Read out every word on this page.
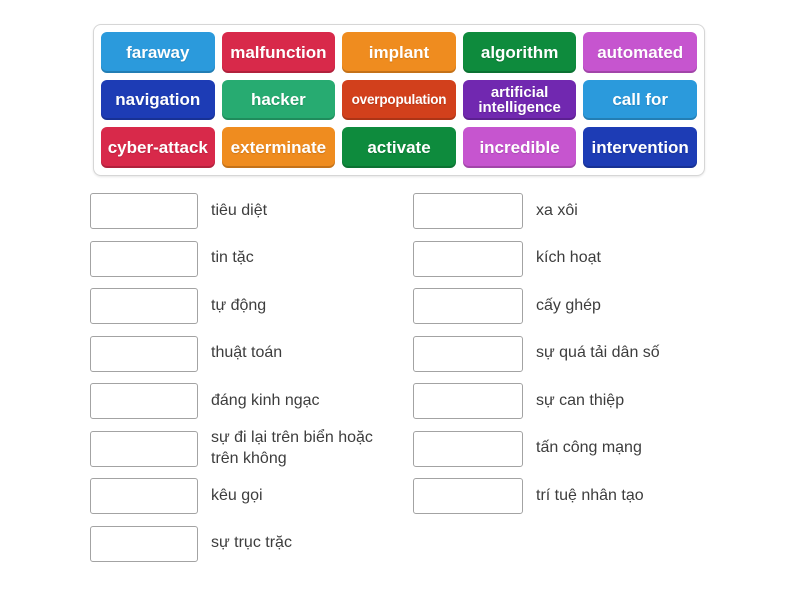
faraway	malfunction	implant	algorithm	automated
navigation	hacker	overpopulation	artificial intelligence	call for
cyber-attack	exterminate	activate	incredible	intervention
tiêu diệt
tin tặc
tự động
thuật toán
đáng kinh ngạc
sự đi lại trên biển hoặc trên không
kêu gọi
sự trục trặc
xa xôi
kích hoạt
cấy ghép
sự quá tải dân số
sự can thiệp
tấn công mạng
trí tuệ nhân tạo
